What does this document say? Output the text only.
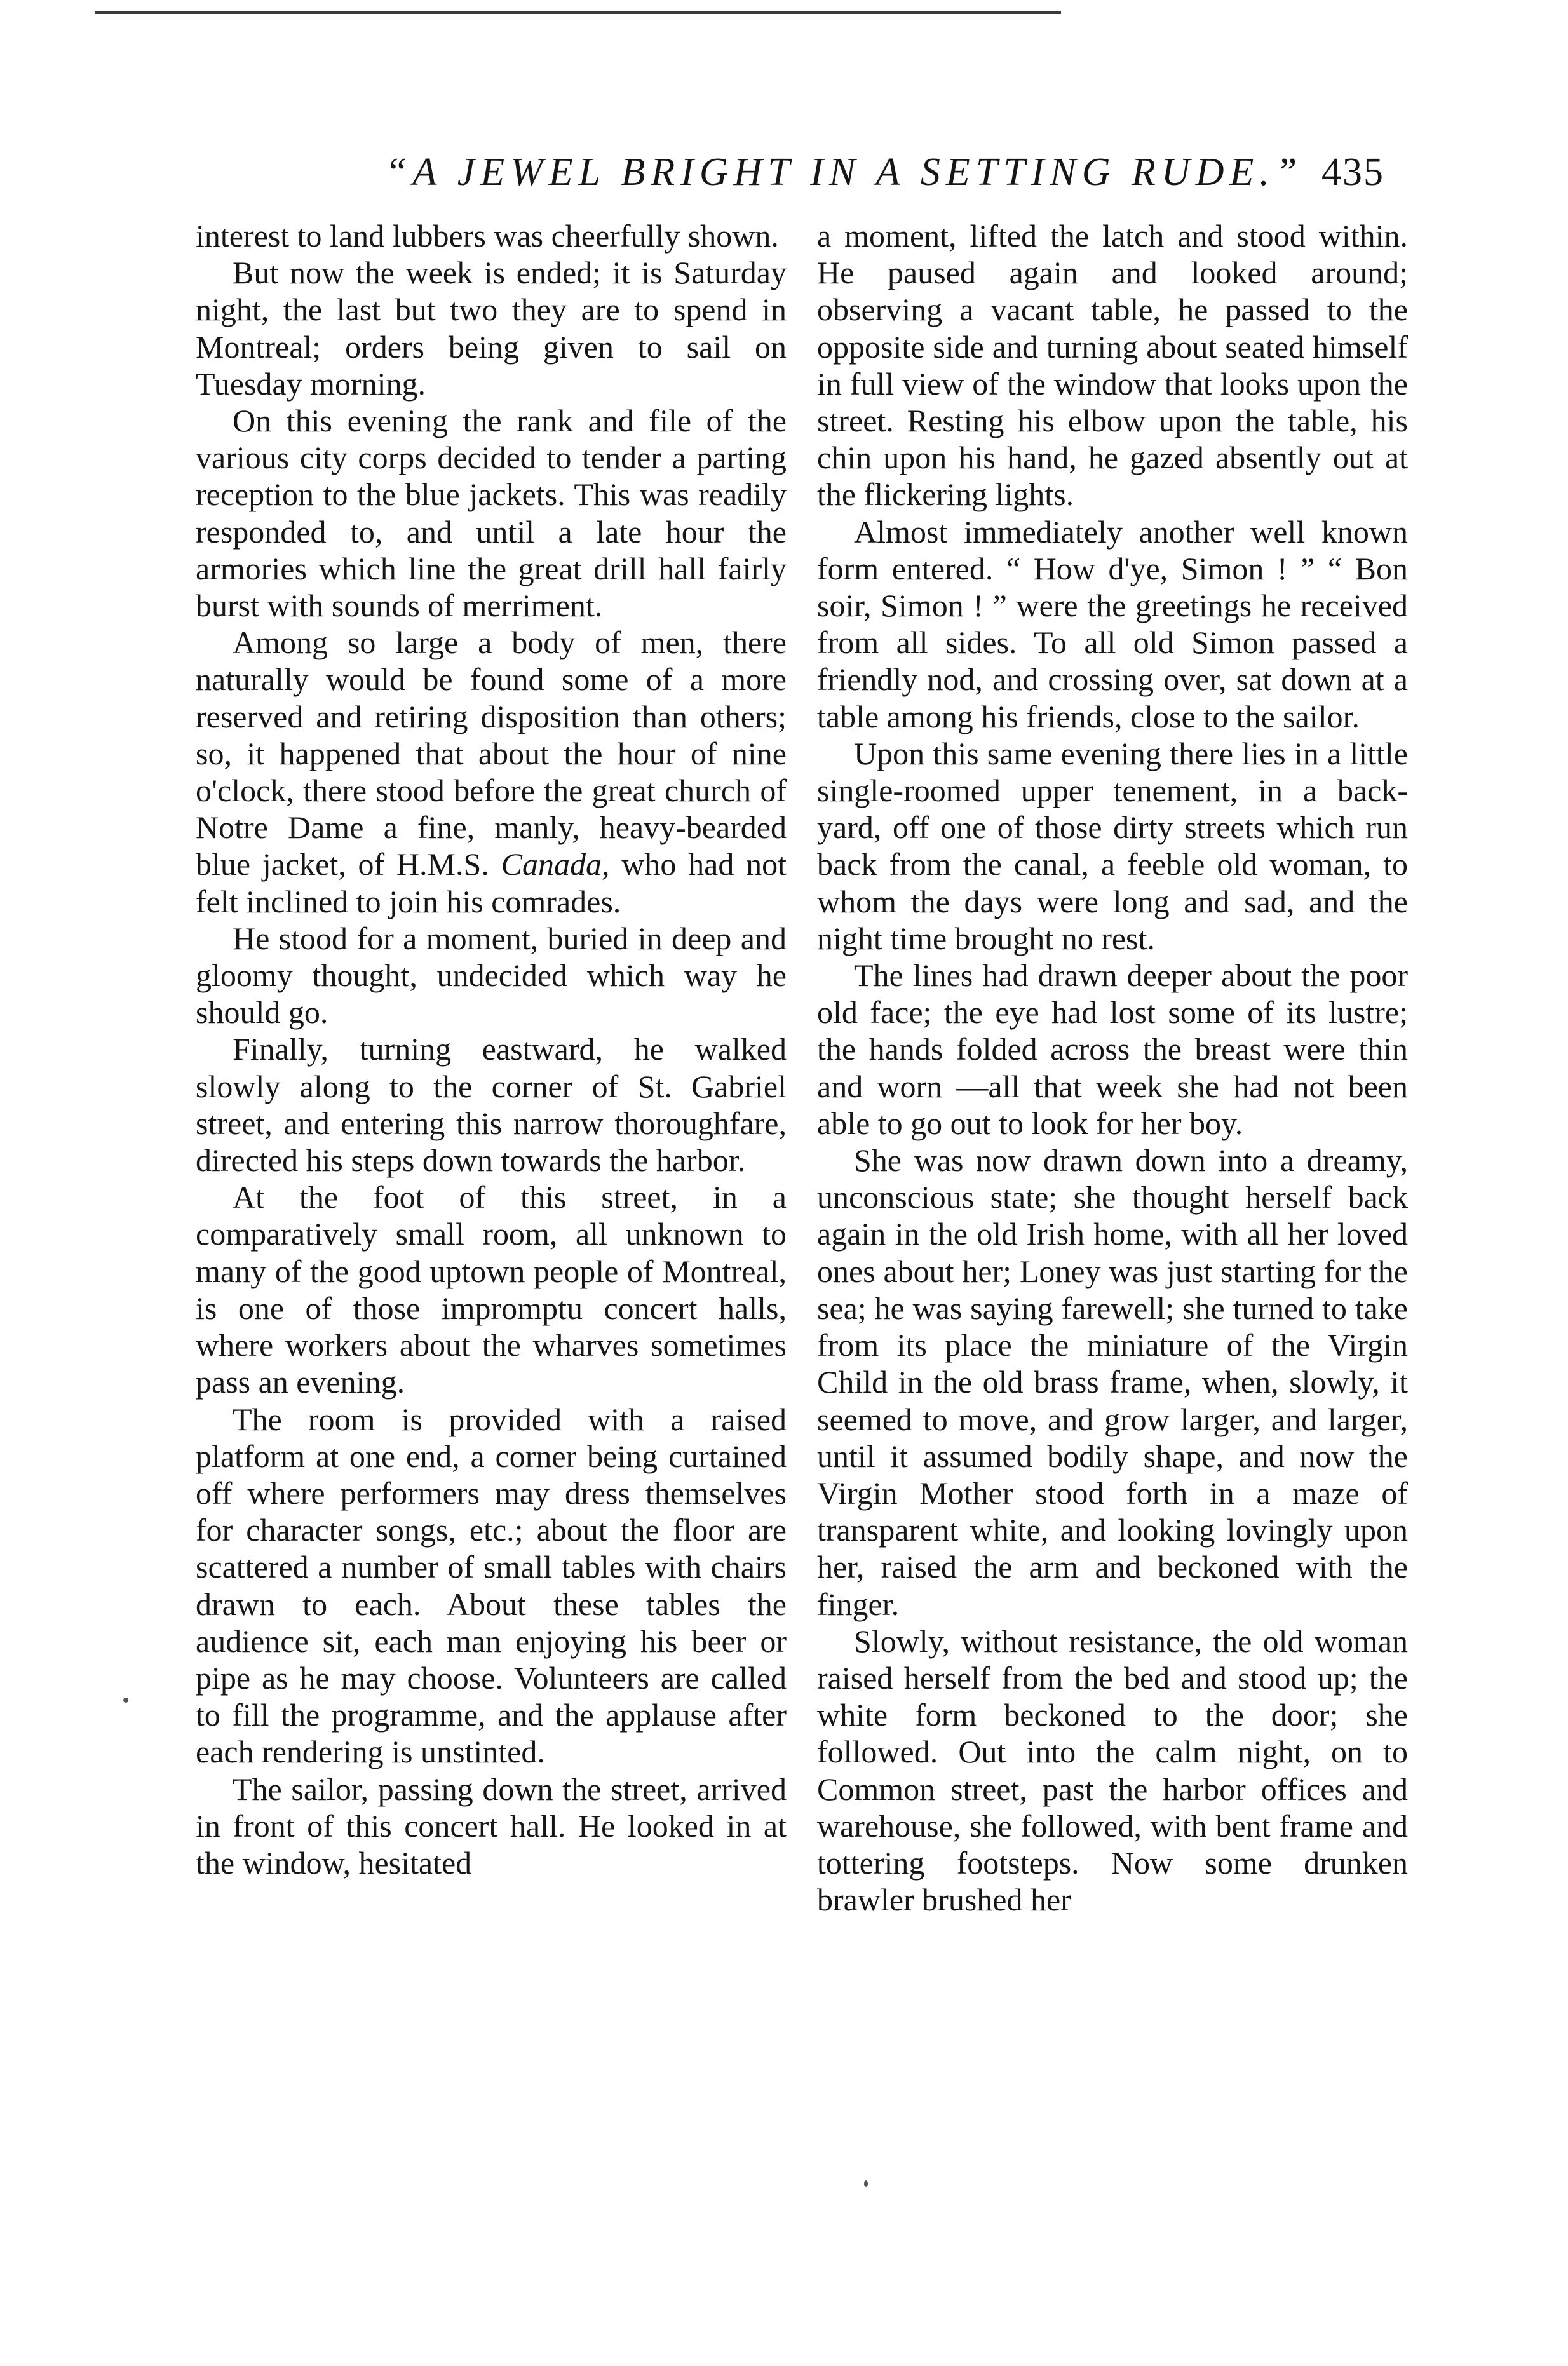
“A JEWEL BRIGHT IN A SETTING RUDE.” 435

interest to land lubbers was cheerfully shown.

But now the week is ended; it is Saturday night, the last but two they are to spend in Montreal; orders being given to sail on Tuesday morning.

On this evening the rank and file of the various city corps decided to tender a parting reception to the blue jackets. This was readily responded to, and until a late hour the armories which line the great drill hall fairly burst with sounds of merriment.

Among so large a body of men, there naturally would be found some of a more reserved and retiring disposition than others; so, it happened that about the hour of nine o'clock, there stood before the great church of Notre Dame a fine, manly, heavy-bearded blue jacket, of H.M.S. Canada, who had not felt inclined to join his comrades.

He stood for a moment, buried in deep and gloomy thought, undecided which way he should go.

Finally, turning eastward, he walked slowly along to the corner of St. Gabriel street, and entering this narrow thoroughfare, directed his steps down towards the harbor.

At the foot of this street, in a comparatively small room, all unknown to many of the good uptown people of Montreal, is one of those impromptu concert halls, where workers about the wharves sometimes pass an evening.

The room is provided with a raised platform at one end, a corner being curtained off where performers may dress themselves for character songs, etc.; about the floor are scattered a number of small tables with chairs drawn to each. About these tables the audience sit, each man enjoying his beer or pipe as he may choose. Volunteers are called to fill the programme, and the applause after each rendering is unstinted.

The sailor, passing down the street, arrived in front of this concert hall. He looked in at the window, hesitated

a moment, lifted the latch and stood within. He paused again and looked around; observing a vacant table, he passed to the opposite side and turning about seated himself in full view of the window that looks upon the street. Resting his elbow upon the table, his chin upon his hand, he gazed absently out at the flickering lights.

Almost immediately another well known form entered. “ How d'ye, Simon ! ” “ Bon soir, Simon ! ” were the greetings he received from all sides. To all old Simon passed a friendly nod, and crossing over, sat down at a table among his friends, close to the sailor.

Upon this same evening there lies in a little single-roomed upper tenement, in a back-yard, off one of those dirty streets which run back from the canal, a feeble old woman, to whom the days were long and sad, and the night time brought no rest.

The lines had drawn deeper about the poor old face; the eye had lost some of its lustre; the hands folded across the breast were thin and worn —all that week she had not been able to go out to look for her boy.

She was now drawn down into a dreamy, unconscious state; she thought herself back again in the old Irish home, with all her loved ones about her; Loney was just starting for the sea; he was saying farewell; she turned to take from its place the miniature of the Virgin Child in the old brass frame, when, slowly, it seemed to move, and grow larger, and larger, until it assumed bodily shape, and now the Virgin Mother stood forth in a maze of transparent white, and looking lovingly upon her, raised the arm and beckoned with the finger.

Slowly, without resistance, the old woman raised herself from the bed and stood up; the white form beckoned to the door; she followed. Out into the calm night, on to Common street, past the harbor offices and warehouse, she followed, with bent frame and tottering footsteps. Now some drunken brawler brushed her
